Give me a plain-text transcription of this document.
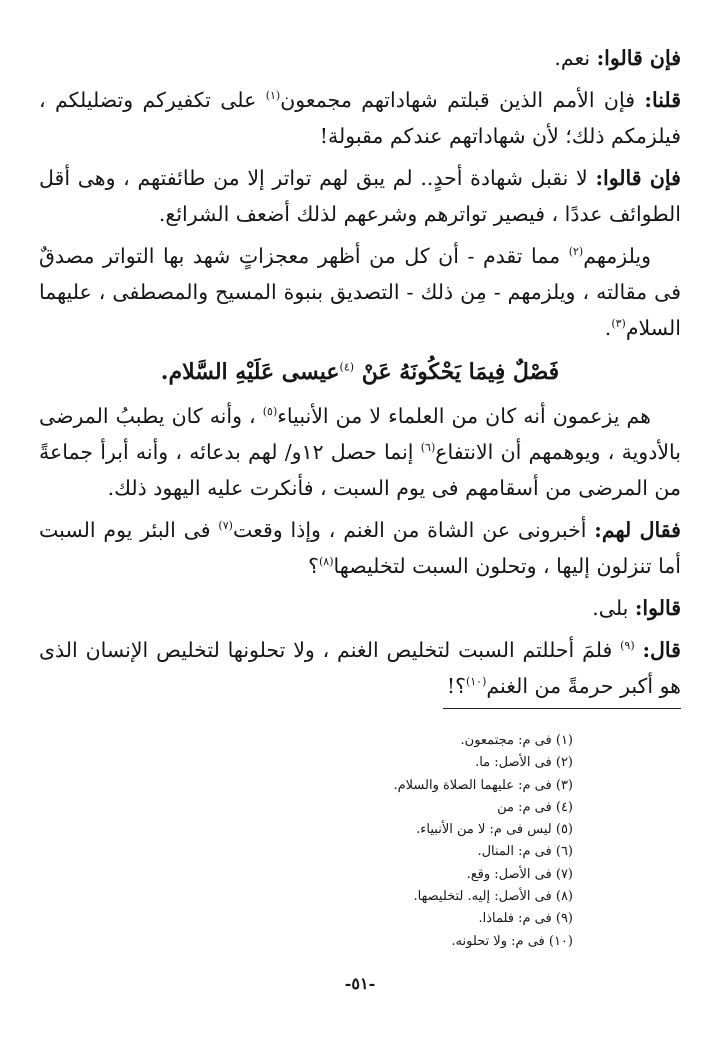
فإن قالوا: نعم.

قلنا: فإن الأمم الذين قبلتم شهاداتهم مجمعون$^{(١)}$ على تكفيركم وتضليلكم ، فيلزمكم ذلك؛ لأن شهاداتهم عندكم مقبولة!

فإن قالوا: لا نقبل شهادة أحدٍ.. لم يبق لهم تواتر إلا من طائفتهم ، وهى أقل الطوائف عددًا ، فيصير تواترهم وشرعهم لذلك أضعف الشرائع.

ويلزمهم$^{(٢)}$ مما تقدم - أن كل من أظهر معجزاتٍ شهد بها التواتر مصدقٌ فى مقالته ، ويلزمهم - مِن ذلك - التصديق بنبوة المسيح والمصطفى ، عليهما السلام$^{(٣)}$.

فَصْلٌ فِيمَا يَحْكُونَهُ عَنْ $^{(٤)}$عيسى عَلَيْهِ السَّلام.

هم يزعمون أنه كان من العلماء لا من الأنبياء$^{(٥)}$ ، وأنه كان يطببُ المرضى بالأدوية ، ويوهمهم أن الانتفاع$^{(٦)}$ إنما حصل ١٢و/ لهم بدعائه ، وأنه أبرأ جماعةً من المرضى من أسقامهم فى يوم السبت ، فأنكرت عليه اليهود ذلك.

فقال لهم: أخبرونى عن الشاة من الغنم ، وإذا وقعت$^{(٧)}$ فى البئر يوم السبت أما تنزلون إليها ، وتحلون السبت لتخليصها$^{(٨)}$؟

قالوا: بلى.

قال: $^{(٩)}$ فلمَ أحللتم السبت لتخليص الغنم ، ولا تحلونها لتخليص الإنسان الذى هو أكبر حرمةً من الغنم$^{(١٠)}$؟!

(١) فى م: مجتمعون.
(٢) فى الأصل: ما.
(٣) فى م: عليهما الصلاة والسلام.
(٤) فى م: من
(٥) ليس فى م: لا من الأنبياء.
(٦) فى م: المنال.
(٧) فى الأصل: وقع.
(٨) فى الأصل: إليه. لتخليصها.
(٩) فى م: فلماذا.
(١٠) فى م: ولا تحلونه.
-٥١-
